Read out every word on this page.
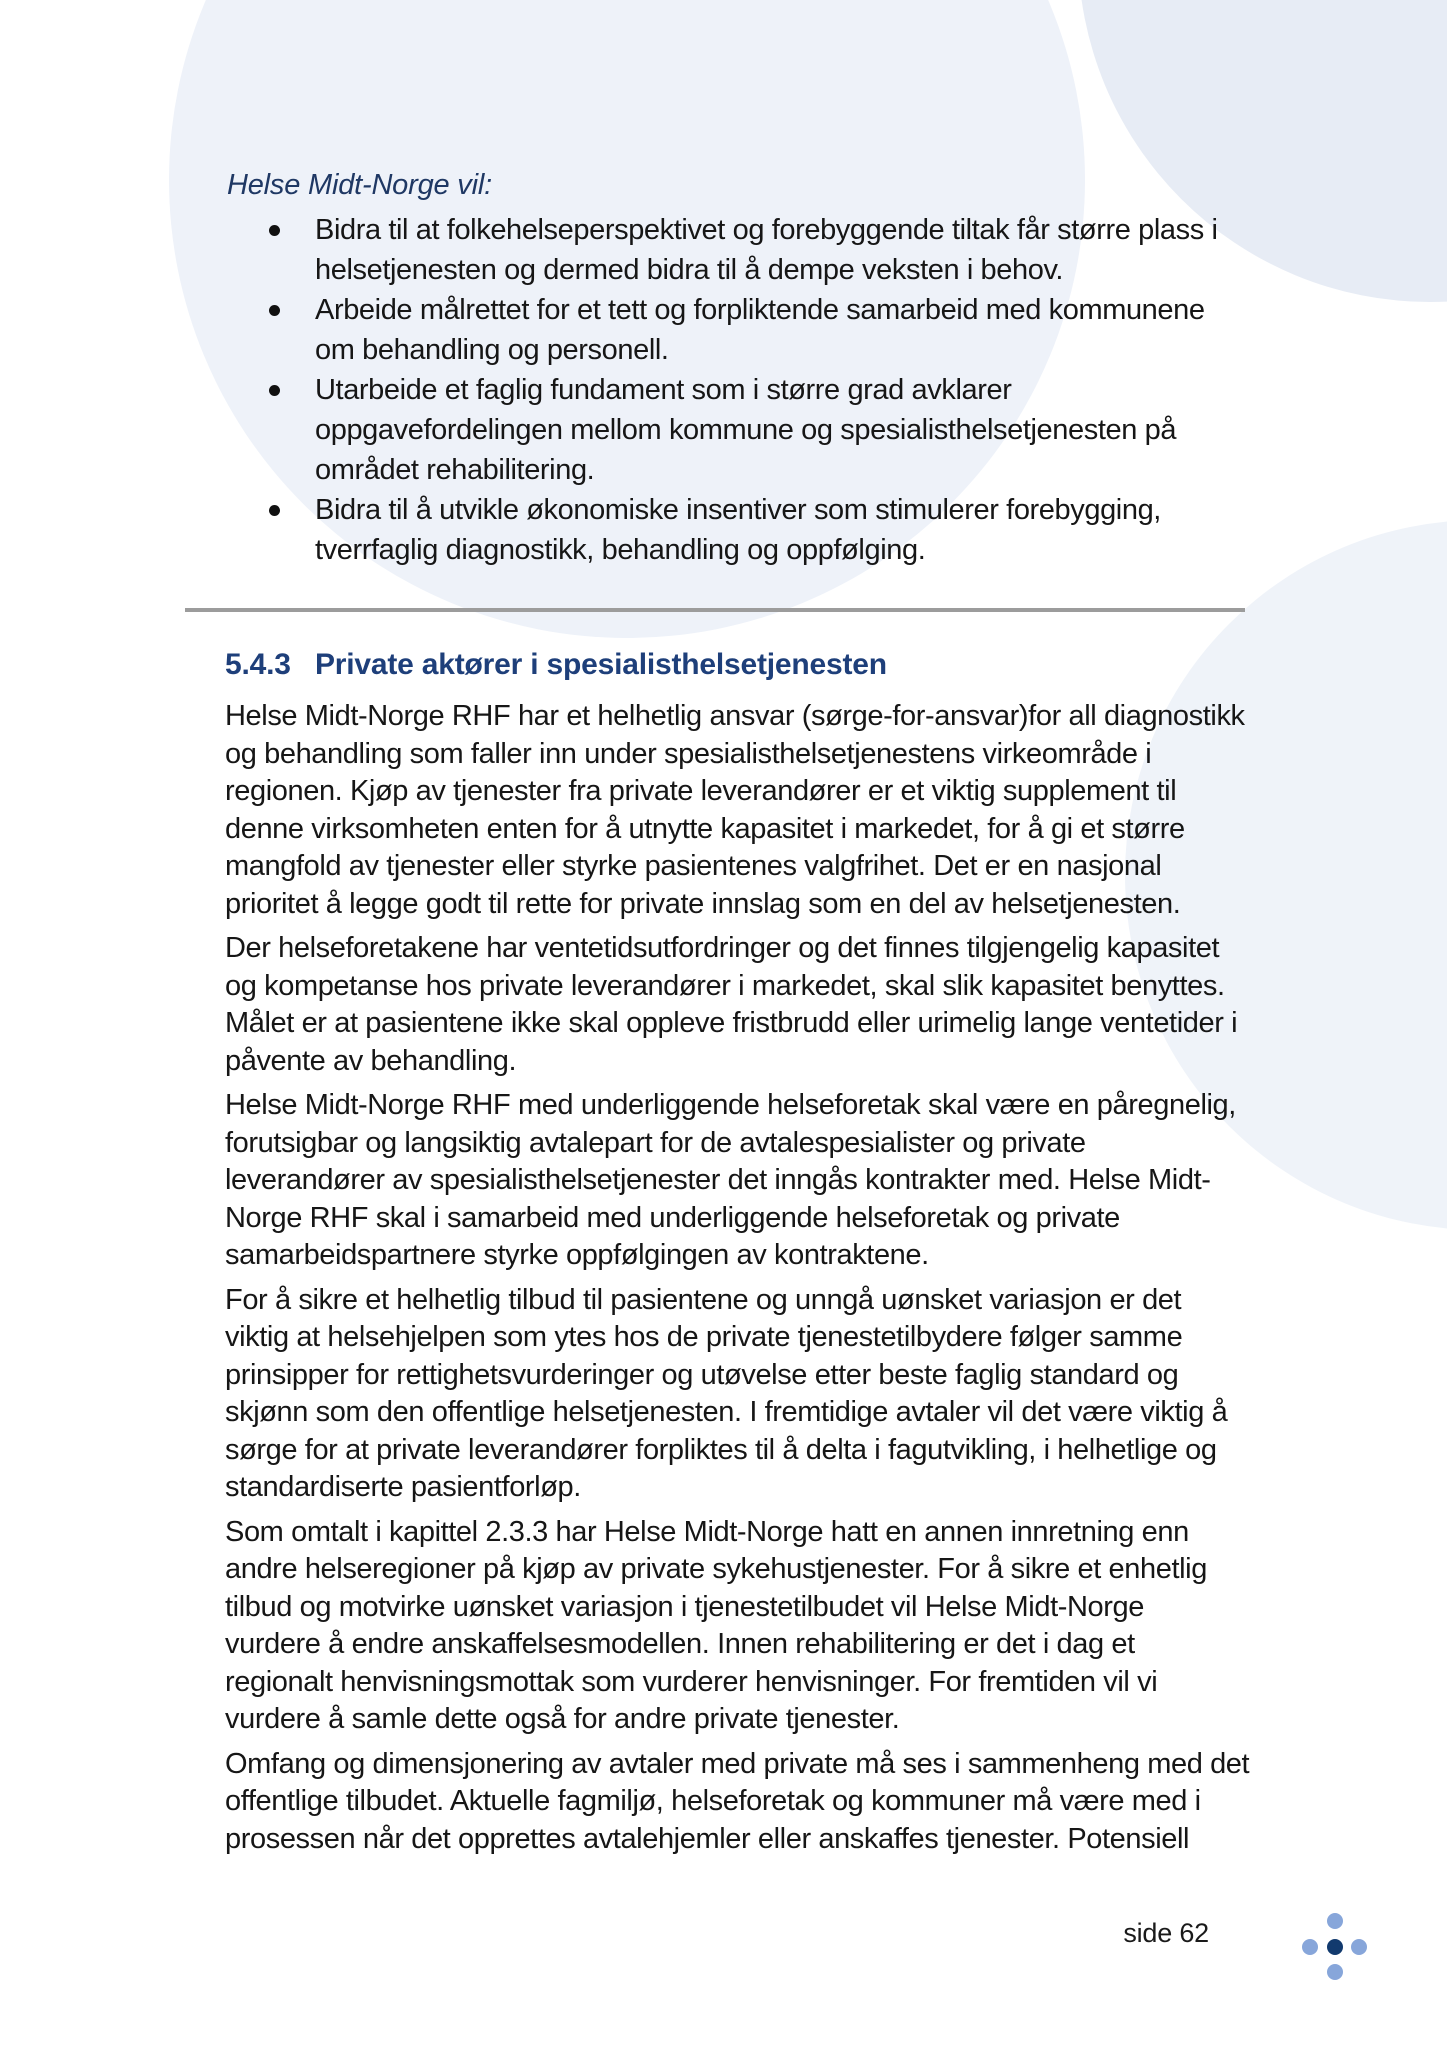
Helse Midt-Norge vil:
Bidra til at folkehelseperspektivet og forebyggende tiltak får større plass i
helsetjenesten og dermed bidra til å dempe veksten i behov.
Arbeide målrettet for et tett og forpliktende samarbeid med kommunene
om behandling og personell.
Utarbeide et faglig fundament som i større grad avklarer
oppgavefordelingen mellom kommune og spesialisthelsetjenesten på
området rehabilitering.
Bidra til å utvikle økonomiske insentiver som stimulerer forebygging,
tverrfaglig diagnostikk, behandling og oppfølging.
5.4.3 Private aktører i spesialisthelsetjenesten
Helse Midt-Norge RHF har et helhetlig ansvar (sørge-for-ansvar)for all diagnostikk
og behandling som faller inn under spesialisthelsetjenestens virkeområde i
regionen. Kjøp av tjenester fra private leverandører er et viktig supplement til
denne virksomheten enten for å utnytte kapasitet i markedet, for å gi et større
mangfold av tjenester eller styrke pasientenes valgfrihet. Det er en nasjonal
prioritet å legge godt til rette for private innslag som en del av helsetjenesten.
Der helseforetakene har ventetidsutfordringer og det finnes tilgjengelig kapasitet
og kompetanse hos private leverandører i markedet, skal slik kapasitet benyttes.
Målet er at pasientene ikke skal oppleve fristbrudd eller urimelig lange ventetider i
påvente av behandling.
Helse Midt-Norge RHF med underliggende helseforetak skal være en påregnelig,
forutsigbar og langsiktig avtalepart for de avtalespesialister og private
leverandører av spesialisthelsetjenester det inngås kontrakter med. Helse Midt-
Norge RHF skal i samarbeid med underliggende helseforetak og private
samarbeidspartnere styrke oppfølgingen av kontraktene.
For å sikre et helhetlig tilbud til pasientene og unngå uønsket variasjon er det
viktig at helsehjelpen som ytes hos de private tjenestetilbydere følger samme
prinsipper for rettighetsvurderinger og utøvelse etter beste faglig standard og
skjønn som den offentlige helsetjenesten. I fremtidige avtaler vil det være viktig å
sørge for at private leverandører forpliktes til å delta i fagutvikling, i helhetlige og
standardiserte pasientforløp.
Som omtalt i kapittel 2.3.3 har Helse Midt-Norge hatt en annen innretning enn
andre helseregioner på kjøp av private sykehustjenester. For å sikre et enhetlig
tilbud og motvirke uønsket variasjon i tjenestetilbudet vil Helse Midt-Norge
vurdere å endre anskaffelsesmodellen. Innen rehabilitering er det i dag et
regionalt henvisningsmottak som vurderer henvisninger. For fremtiden vil vi
vurdere å samle dette også for andre private tjenester.
Omfang og dimensjonering av avtaler med private må ses i sammenheng med det
offentlige tilbudet. Aktuelle fagmiljø, helseforetak og kommuner må være med i
prosessen når det opprettes avtalehjemler eller anskaffes tjenester. Potensiell
side 62
